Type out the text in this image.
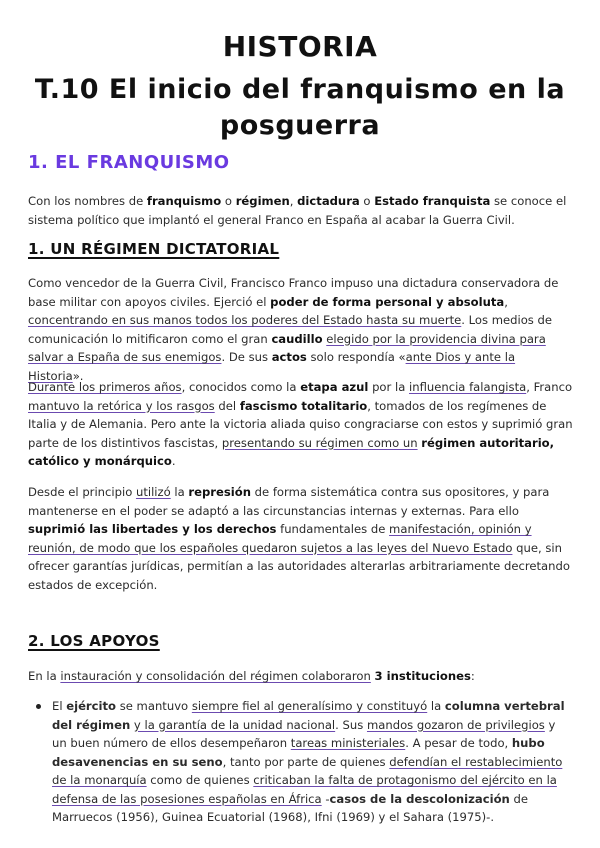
HISTORIA
T.10 El inicio del franquismo en la posguerra
1. EL FRANQUISMO
Con los nombres de franquismo o régimen, dictadura o Estado franquista se conoce el sistema político que implantó el general Franco en España al acabar la Guerra Civil.
1. UN RÉGIMEN DICTATORIAL
Como vencedor de la Guerra Civil, Francisco Franco impuso una dictadura conservadora de base militar con apoyos civiles. Ejerció el poder de forma personal y absoluta, concentrando en sus manos todos los poderes del Estado hasta su muerte. Los medios de comunicación lo mitificaron como el gran caudillo elegido por la providencia divina para salvar a España de sus enemigos. De sus actos solo respondía «ante Dios y ante la Historia».
Durante los primeros años, conocidos como la etapa azul por la influencia falangista, Franco mantuvo la retórica y los rasgos del fascismo totalitario, tomados de los regímenes de Italia y de Alemania. Pero ante la victoria aliada quiso congraciarse con estos y suprimió gran parte de los distintivos fascistas, presentando su régimen como un régimen autoritario, católico y monárquico.
Desde el principio utilizó la represión de forma sistemática contra sus opositores, y para mantenerse en el poder se adaptó a las circunstancias internas y externas. Para ello suprimió las libertades y los derechos fundamentales de manifestación, opinión y reunión, de modo que los españoles quedaron sujetos a las leyes del Nuevo Estado que, sin ofrecer garantías jurídicas, permitían a las autoridades alterarlas arbitrariamente decretando estados de excepción.
2. LOS APOYOS
En la instauración y consolidación del régimen colaboraron 3 instituciones:
El ejército se mantuvo siempre fiel al generalísimo y constituyó la columna vertebral del régimen y la garantía de la unidad nacional. Sus mandos gozaron de privilegios y un buen número de ellos desempeñaron tareas ministeriales. A pesar de todo, hubo desavenencias en su seno, tanto por parte de quienes defendían el restablecimiento de la monarquía como de quienes criticaban la falta de protagonismo del ejército en la defensa de las posesiones españolas en África -casos de la descolonización de Marruecos (1956), Guinea Ecuatorial (1968), Ifni (1969) y el Sahara (1975)-.
